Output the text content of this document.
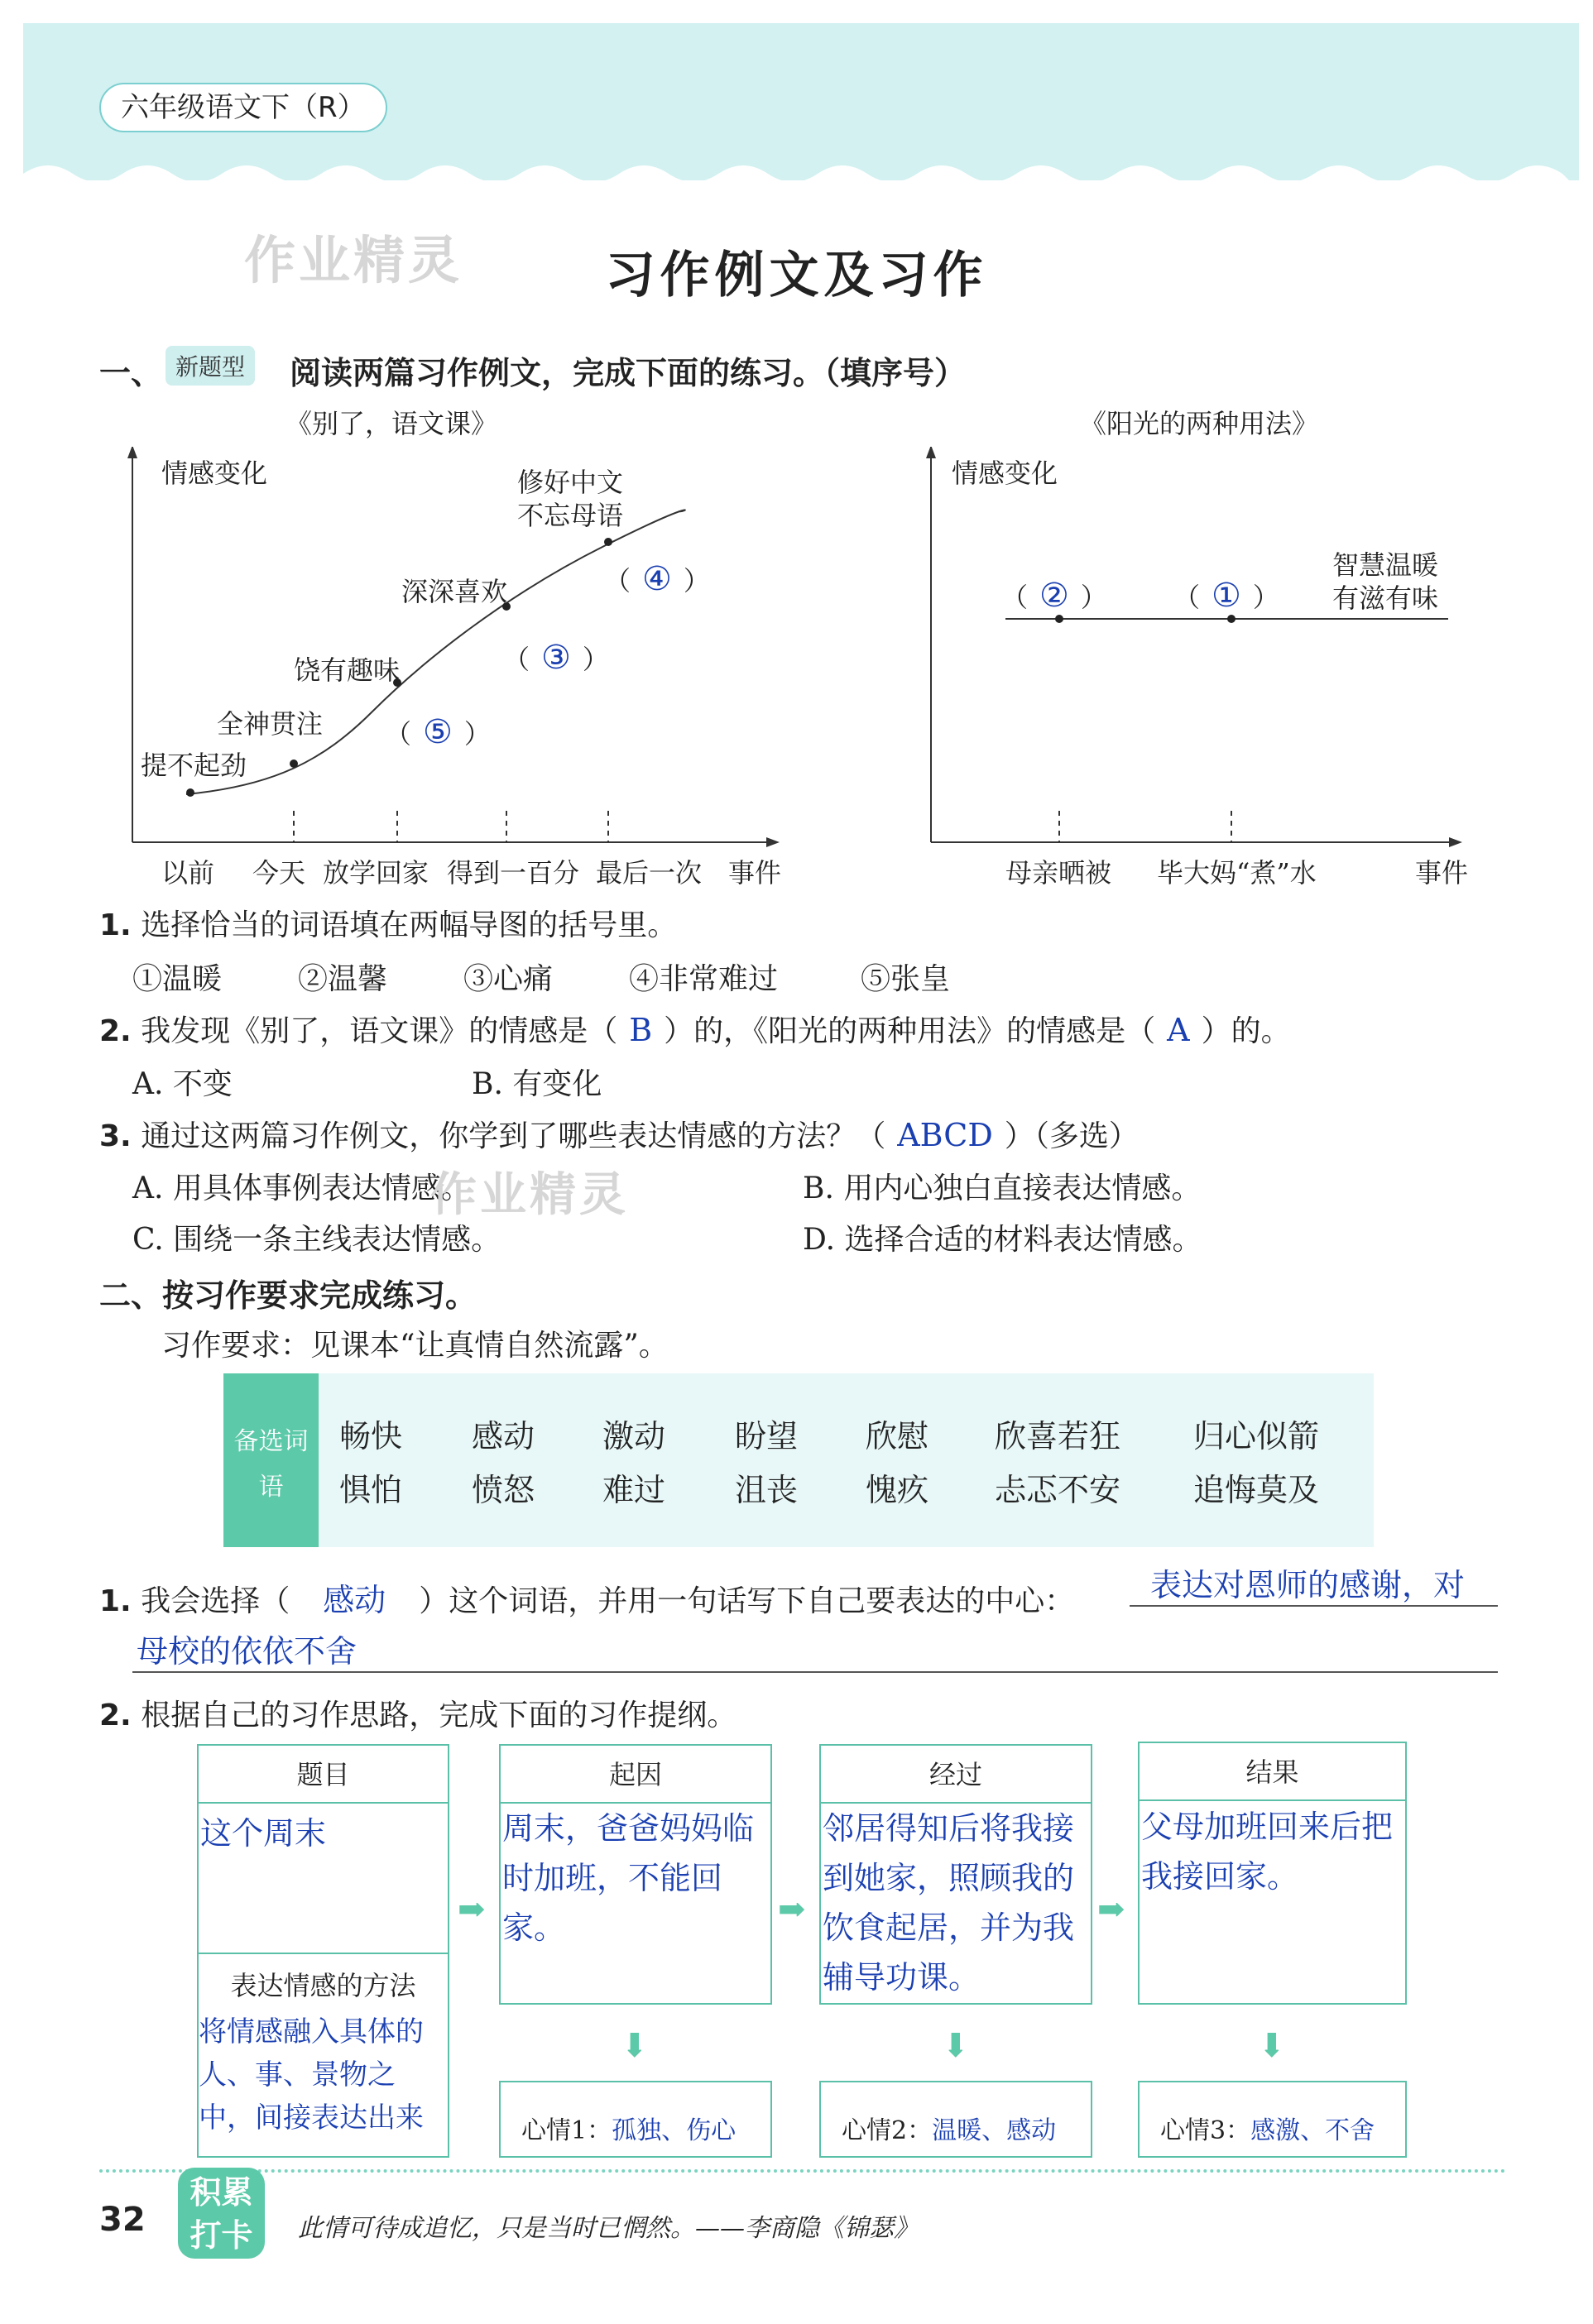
六年级语文下（R）
作业精灵	习作例文及习作
一、 新题型	阅读两篇习作例文，完成下面的练习。（填序号）
《别了，语文课》
情感变化
提不起劲
全神贯注
饶有趣味
深深喜欢
修好中文
不忘母语
（ ⑤ ）
（ ③ ）
（ ④ ）
以前 今天 放学回家 得到一百分 最后一次 事件
《阳光的两种用法》
情感变化
智慧温暖
有滋有味
（ ② ）	（ ① ）
母亲晒被 毕大妈“煮”水	事件
1. 选择恰当的词语填在两幅导图的括号里。
①温暖	②温馨	③心痛	④非常难过	⑤张皇
2. 我发现《别了，语文课》的情感是（ B ）的，《阳光的两种用法》的情感是（ A ）的。
A. 不变	B. 有变化
3. 通过这两篇习作例文，你学到了哪些表达情感的方法？（ ABCD ）（多选）
A. 用具体事例表达情感。	B. 用内心独白直接表达情感。
C. 围绕一条主线表达情感。	D. 选择合适的材料表达情感。
作业精灵
二、按习作要求完成练习。
习作要求：见课本“让真情自然流露”。
备选词语
畅快 感动 激动 盼望 欣慰 欣喜若狂 归心似箭
惧怕 愤怒 难过 沮丧 愧疚 忐忑不安 追悔莫及
1. 我会选择（ 感动 ）这个词语，并用一句话写下自己要表达的中心： 表达对恩师的感谢，对
母校的依依不舍
2. 根据自己的习作思路，完成下面的习作提纲。
题目
这个周末
表达情感的方法
将情感融入具体的人、事、景物之中，间接表达出来
➡
起因
周末，爸爸妈妈临时加班，不能回家。
⬇
心情1：孤独、伤心
➡
经过
邻居得知后将我接到她家，照顾我的饮食起居，并为我辅导功课。
⬇
心情2：温暖、感动
➡
结果
父母加班回来后把我接回家。
⬇
心情3：感激、不舍
32
积累打卡	此情可待成追忆，只是当时已惘然。——李商隐《锦瑟》
